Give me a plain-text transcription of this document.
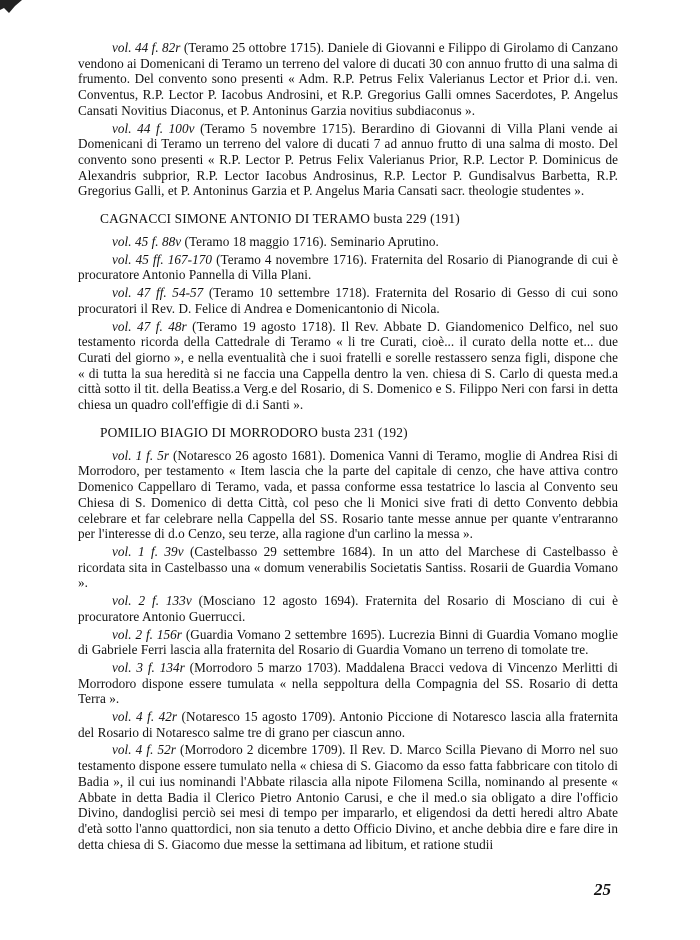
vol. 44 f. 82r (Teramo 25 ottobre 1715). Daniele di Giovanni e Filippo di Girolamo di Canzano vendono ai Domenicani di Teramo un terreno del valore di ducati 30 con annuo frutto di una salma di frumento. Del convento sono presenti « Adm. R.P. Petrus Felix Valerianus Lector et Prior d.i. ven. Conventus, R.P. Lector P. Iacobus Androsini, et R.P. Gregorius Galli omnes Sacerdotes, P. Angelus Cansati Novitius Diaconus, et P. Antoninus Garzia novitius subdiaconus ».

vol. 44 f. 100v (Teramo 5 novembre 1715). Berardino di Giovanni di Villa Plani vende ai Domenicani di Teramo un terreno del valore di ducati 7 ad annuo frutto di una salma di mosto. Del convento sono presenti « R.P. Lector P. Petrus Felix Valerianus Prior, R.P. Lector P. Dominicus de Alexandris subprior, R.P. Lector Iacobus Androsinus, R.P. Lector P. Gundisalvus Barbetta, R.P. Gregorius Galli, et P. Antoninus Garzia et P. Angelus Maria Cansati sacr. theologie studentes ».

CAGNACCI SIMONE ANTONIO DI TERAMO busta 229 (191)

vol. 45 f. 88v (Teramo 18 maggio 1716). Seminario Aprutino.

vol. 45 ff. 167-170 (Teramo 4 novembre 1716). Fraternita del Rosario di Pianogrande di cui è procuratore Antonio Pannella di Villa Plani.

vol. 47 ff. 54-57 (Teramo 10 settembre 1718). Fraternita del Rosario di Gesso di cui sono procuratori il Rev. D. Felice di Andrea e Domenicantonio di Nicola.

vol. 47 f. 48r (Teramo 19 agosto 1718). Il Rev. Abbate D. Giandomenico Delfico, nel suo testamento ricorda della Cattedrale di Teramo « li tre Curati, cioè... il curato della notte et... due Curati del giorno », e nella eventualità che i suoi fratelli e sorelle restassero senza figli, dispone che « di tutta la sua heredità si ne faccia una Cappella dentro la ven. chiesa di S. Carlo di questa med.a città sotto il tit. della Beatiss.a Verg.e del Rosario, di S. Domenico e S. Filippo Neri con farsi in detta chiesa un quadro coll'effigie di d.i Santi ».

POMILIO BIAGIO DI MORRODORO busta 231 (192)

vol. 1 f. 5r (Notaresco 26 agosto 1681). Domenica Vanni di Teramo, moglie di Andrea Risi di Morrodoro, per testamento « Item lascia che la parte del capitale di cenzo, che have attiva contro Domenico Cappellaro di Teramo, vada, et passa conforme essa testatrice lo lascia al Convento seu Chiesa di S. Domenico di detta Città, col peso che li Monici sive frati di detto Convento debbia celebrare et far celebrare nella Cappella del SS. Rosario tante messe annue per quante v'entraranno per l'interesse di d.o Cenzo, seu terze, alla ragione d'un carlino la messa ».

vol. 1 f. 39v (Castelbasso 29 settembre 1684). In un atto del Marchese di Castelbasso è ricordata sita in Castelbasso una « domum venerabilis Societatis Santiss. Rosarii de Guardia Vomano ».

vol. 2 f. 133v (Mosciano 12 agosto 1694). Fraternita del Rosario di Mosciano di cui è procuratore Antonio Guerrucci.

vol. 2 f. 156r (Guardia Vomano 2 settembre 1695). Lucrezia Binni di Guardia Vomano moglie di Gabriele Ferri lascia alla fraternita del Rosario di Guardia Vomano un terreno di tomolate tre.

vol. 3 f. 134r (Morrodoro 5 marzo 1703). Maddalena Bracci vedova di Vincenzo Merlitti di Morrodoro dispone essere tumulata « nella seppoltura della Compagnia del SS. Rosario di detta Terra ».

vol. 4 f. 42r (Notaresco 15 agosto 1709). Antonio Piccione di Notaresco lascia alla fraternita del Rosario di Notaresco salme tre di grano per ciascun anno.

vol. 4 f. 52r (Morrodoro 2 dicembre 1709). Il Rev. D. Marco Scilla Pievano di Morro nel suo testamento dispone essere tumulato nella « chiesa di S. Giacomo da esso fatta fabbricare con titolo di Badia », il cui ius nominandi l'Abbate rilascia alla nipote Filomena Scilla, nominando al presente « Abbate in detta Badia il Clerico Pietro Antonio Carusi, e che il med.o sia obligato a dire l'officio Divino, dandoglisi perciò sei mesi di tempo per impararlo, et eligendosi da detti heredi altro Abate d'età sotto l'anno quattordici, non sia tenuto a detto Officio Divino, et anche debbia dire e fare dire in detta chiesa di S. Giacomo due messe la settimana ad libitum, et ratione studii

25
